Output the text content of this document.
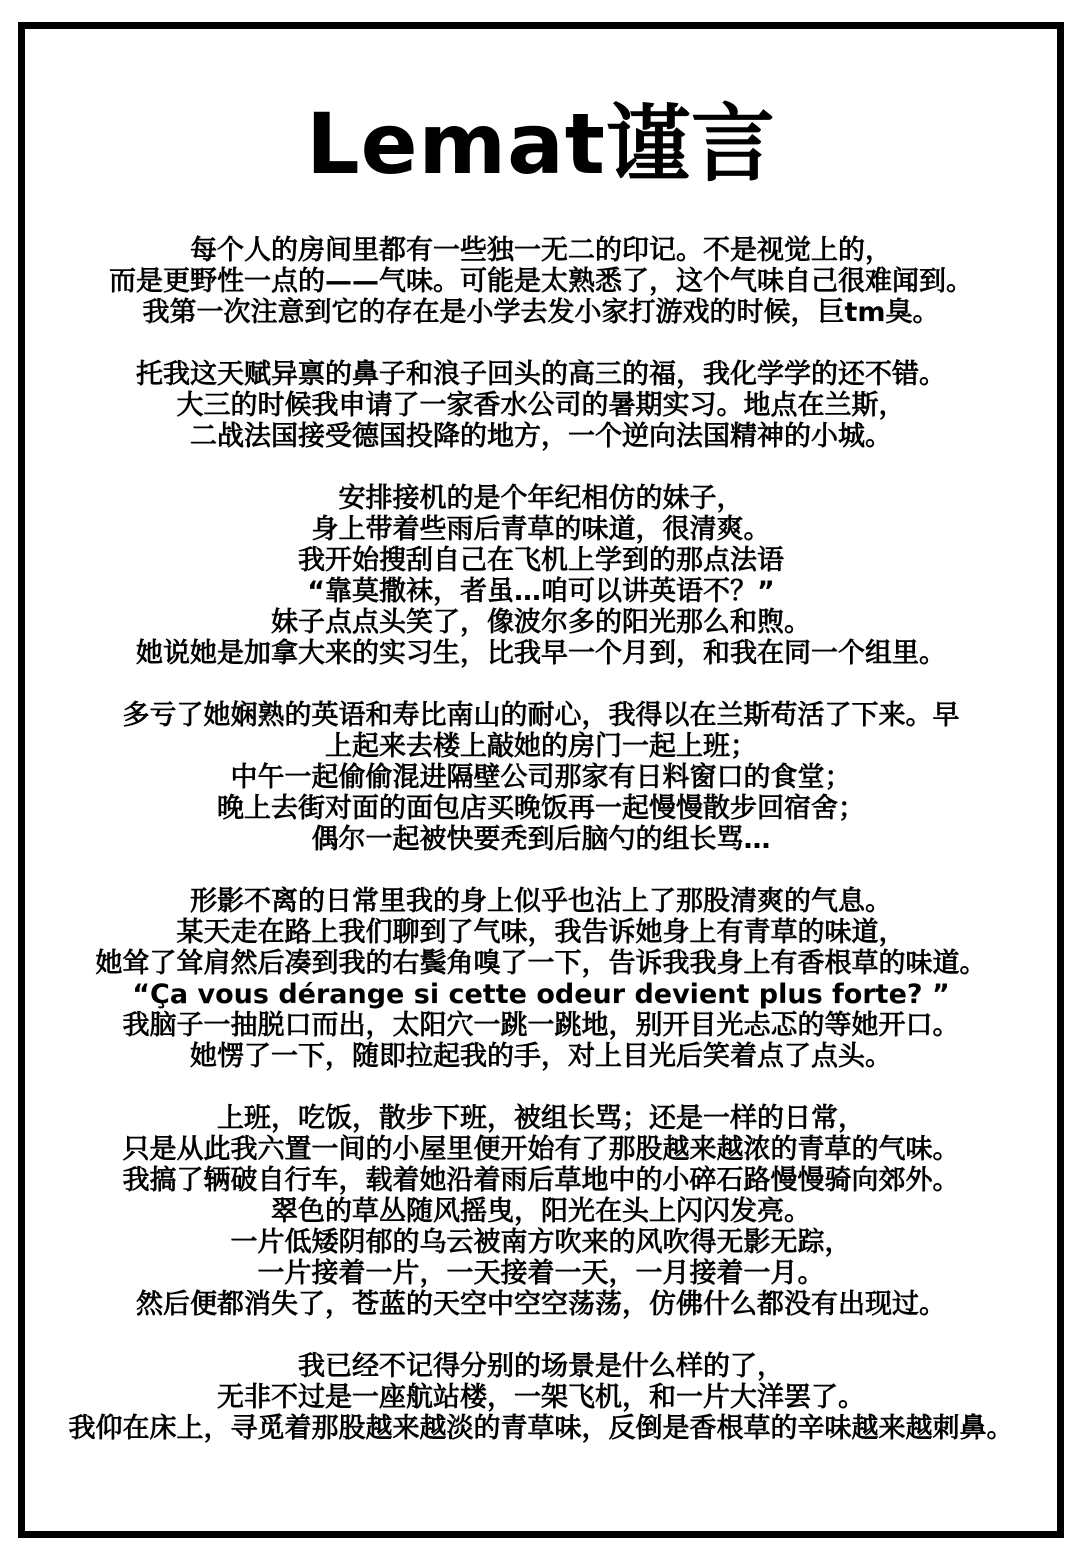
Lemat谨言
每个人的房间里都有一些独一无二的印记。不是视觉上的，
而是更野性一点的——气味。可能是太熟悉了，这个气味自己很难闻到。
我第一次注意到它的存在是小学去发小家打游戏的时候，巨tm臭。
托我这天赋异禀的鼻子和浪子回头的高三的福，我化学学的还不错。
大三的时候我申请了一家香水公司的暑期实习。地点在兰斯，
二战法国接受德国投降的地方，一个逆向法国精神的小城。
安排接机的是个年纪相仿的妹子，
身上带着些雨后青草的味道，很清爽。
我开始搜刮自己在飞机上学到的那点法语
“靠莫撒袜，者虽…咱可以讲英语不？”
妹子点点头笑了，像波尔多的阳光那么和煦。
她说她是加拿大来的实习生，比我早一个月到，和我在同一个组里。
多亏了她娴熟的英语和寿比南山的耐心，我得以在兰斯苟活了下来。早
上起来去楼上敲她的房门一起上班；
中午一起偷偷混进隔壁公司那家有日料窗口的食堂；
晚上去街对面的面包店买晚饭再一起慢慢散步回宿舍；
偶尔一起被快要秃到后脑勺的组长骂…
形影不离的日常里我的身上似乎也沾上了那股清爽的气息。
某天走在路上我们聊到了气味，我告诉她身上有青草的味道，
她耸了耸肩然后凑到我的右鬓角嗅了一下，告诉我我身上有香根草的味道。
“Ça vous dérange si cette odeur devient plus forte? ”
我脑子一抽脱口而出，太阳穴一跳一跳地，别开目光忐忑的等她开口。
她愣了一下，随即拉起我的手，对上目光后笑着点了点头。
上班，吃饭，散步下班，被组长骂；还是一样的日常，
只是从此我六置一间的小屋里便开始有了那股越来越浓的青草的气味。
我搞了辆破自行车，载着她沿着雨后草地中的小碎石路慢慢骑向郊外。
翠色的草丛随风摇曳，阳光在头上闪闪发亮。
一片低矮阴郁的乌云被南方吹来的风吹得无影无踪，
一片接着一片，一天接着一天，一月接着一月。
然后便都消失了，苍蓝的天空中空空荡荡，仿佛什么都没有出现过。
我已经不记得分别的场景是什么样的了，
无非不过是一座航站楼，一架飞机，和一片大洋罢了。
我仰在床上，寻觅着那股越来越淡的青草味，反倒是香根草的辛味越来越刺鼻。
